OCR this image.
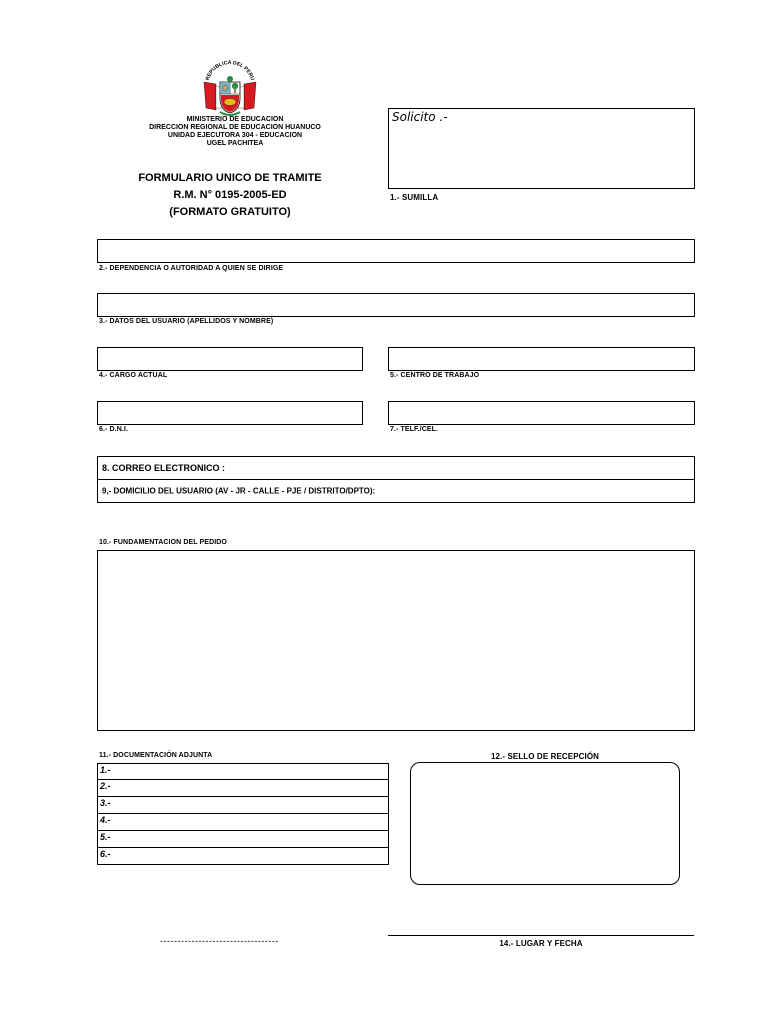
REPUBLICA DEL PERU
MINISTERIO DE EDUCACION
DIRECCION REGIONAL DE EDUCACION HUANUCO
UNIDAD EJECUTORA 304 - EDUCACION
UGEL PACHITEA
FORMULARIO UNICO DE TRAMITE
R.M. N° 0195-2005-ED
(FORMATO GRATUITO)
Solicito .-
1.- SUMILLA
2.- DEPENDENCIA O AUTORIDAD A QUIEN SE DIRIGE
3.- DATOS DEL USUARIO (APELLIDOS Y NOMBRE)
4.- CARGO ACTUAL	5.- CENTRO DE TRABAJO
6.- D.N.I.	7.- TELF./CEL.
8. CORREO ELECTRONICO :
9,- DOMICILIO DEL USUARIO (AV - JR - CALLE - PJE / DISTRITO/DPTO):
10.- FUNDAMENTACION DEL PEDIDO
11.- DOCUMENTACIÓN ADJUNTA
1.-
2.-
3.-
4.-
5.-
6.-
12.- SELLO DE RECEPCIÓN
----------------------------------	14.- LUGAR Y FECHA
